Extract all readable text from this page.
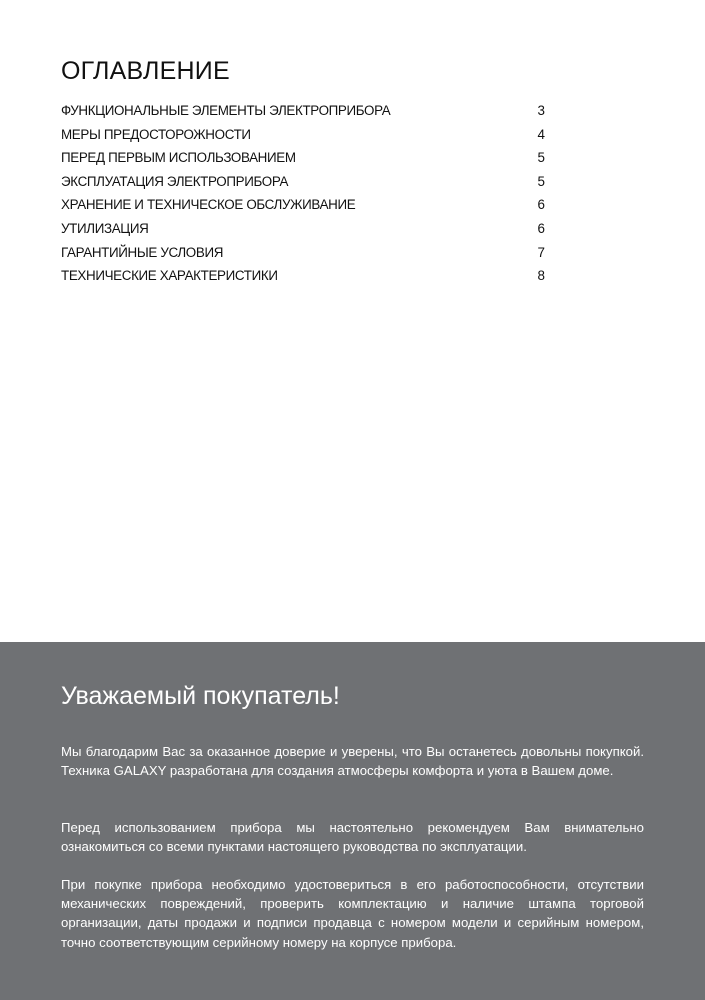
ОГЛАВЛЕНИЕ
ФУНКЦИОНАЛЬНЫЕ ЭЛЕМЕНТЫ ЭЛЕКТРОПРИБОРА	3
МЕРЫ ПРЕДОСТОРОЖНОСТИ	4
ПЕРЕД ПЕРВЫМ ИСПОЛЬЗОВАНИЕМ	5
ЭКСПЛУАТАЦИЯ ЭЛЕКТРОПРИБОРА	5
ХРАНЕНИЕ И ТЕХНИЧЕСКОЕ ОБСЛУЖИВАНИЕ	6
УТИЛИЗАЦИЯ	6
ГАРАНТИЙНЫЕ УСЛОВИЯ	7
ТЕХНИЧЕСКИЕ ХАРАКТЕРИСТИКИ	8
Уважаемый покупатель!

Мы благодарим Вас за оказанное доверие и уверены, что Вы останетесь довольны покупкой. Техника GALAXY разработана для создания атмосферы комфорта и уюта в Вашем доме.

Перед использованием прибора мы настоятельно рекомендуем Вам внимательно ознакомиться со всеми пунктами настоящего руководства по эксплуатации.

При покупке прибора необходимо удостовериться в его работоспособности, отсутствии механических повреждений, проверить комплектацию и наличие штампа торговой организации, даты продажи и подписи продавца с номером модели и серийным номером, точно соответствующим серийному номеру на корпусе прибора.
